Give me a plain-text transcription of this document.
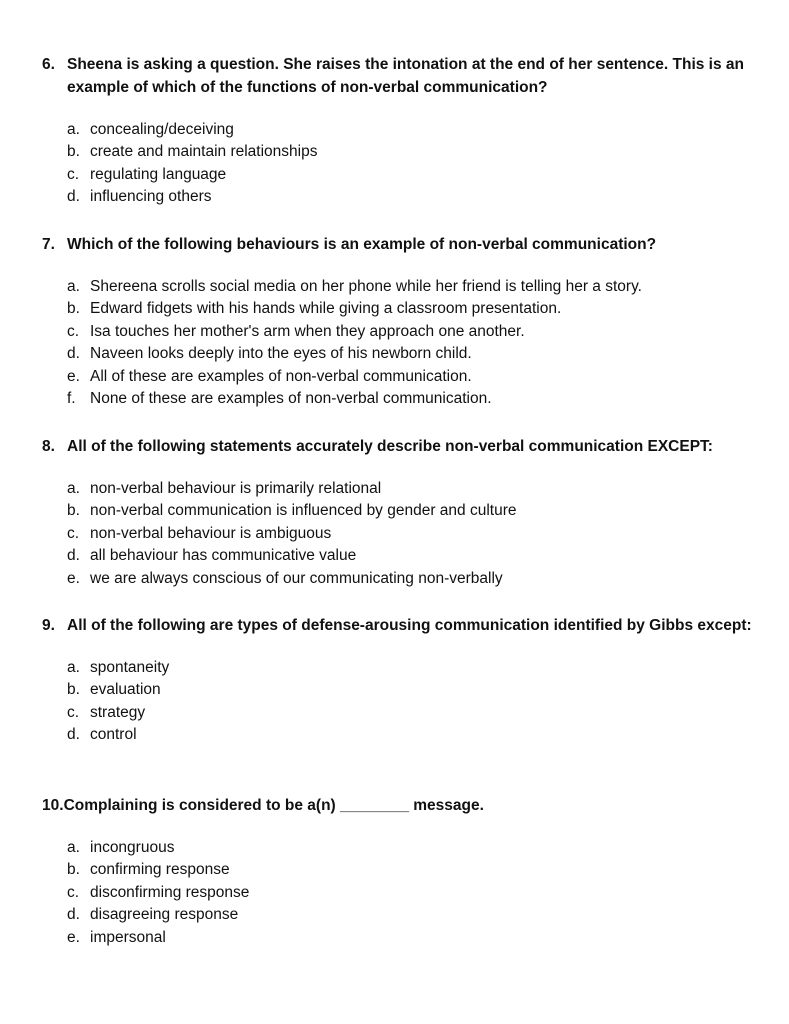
6. Sheena is asking a question. She raises the intonation at the end of her sentence. This is an example of which of the functions of non-verbal communication?
a. concealing/deceiving
b. create and maintain relationships
c. regulating language
d. influencing others
7. Which of the following behaviours is an example of non-verbal communication?
a. Shereena scrolls social media on her phone while her friend is telling her a story.
b. Edward fidgets with his hands while giving a classroom presentation.
c. Isa touches her mother's arm when they approach one another.
d. Naveen looks deeply into the eyes of his newborn child.
e. All of these are examples of non-verbal communication.
f. None of these are examples of non-verbal communication.
8. All of the following statements accurately describe non-verbal communication EXCEPT:
a. non-verbal behaviour is primarily relational
b. non-verbal communication is influenced by gender and culture
c. non-verbal behaviour is ambiguous
d. all behaviour has communicative value
e. we are always conscious of our communicating non-verbally
9. All of the following are types of defense-arousing communication identified by Gibbs except:
a. spontaneity
b. evaluation
c. strategy
d. control
10. Complaining is considered to be a(n) ________ message.
a. incongruous
b. confirming response
c. disconfirming response
d. disagreeing response
e. impersonal
